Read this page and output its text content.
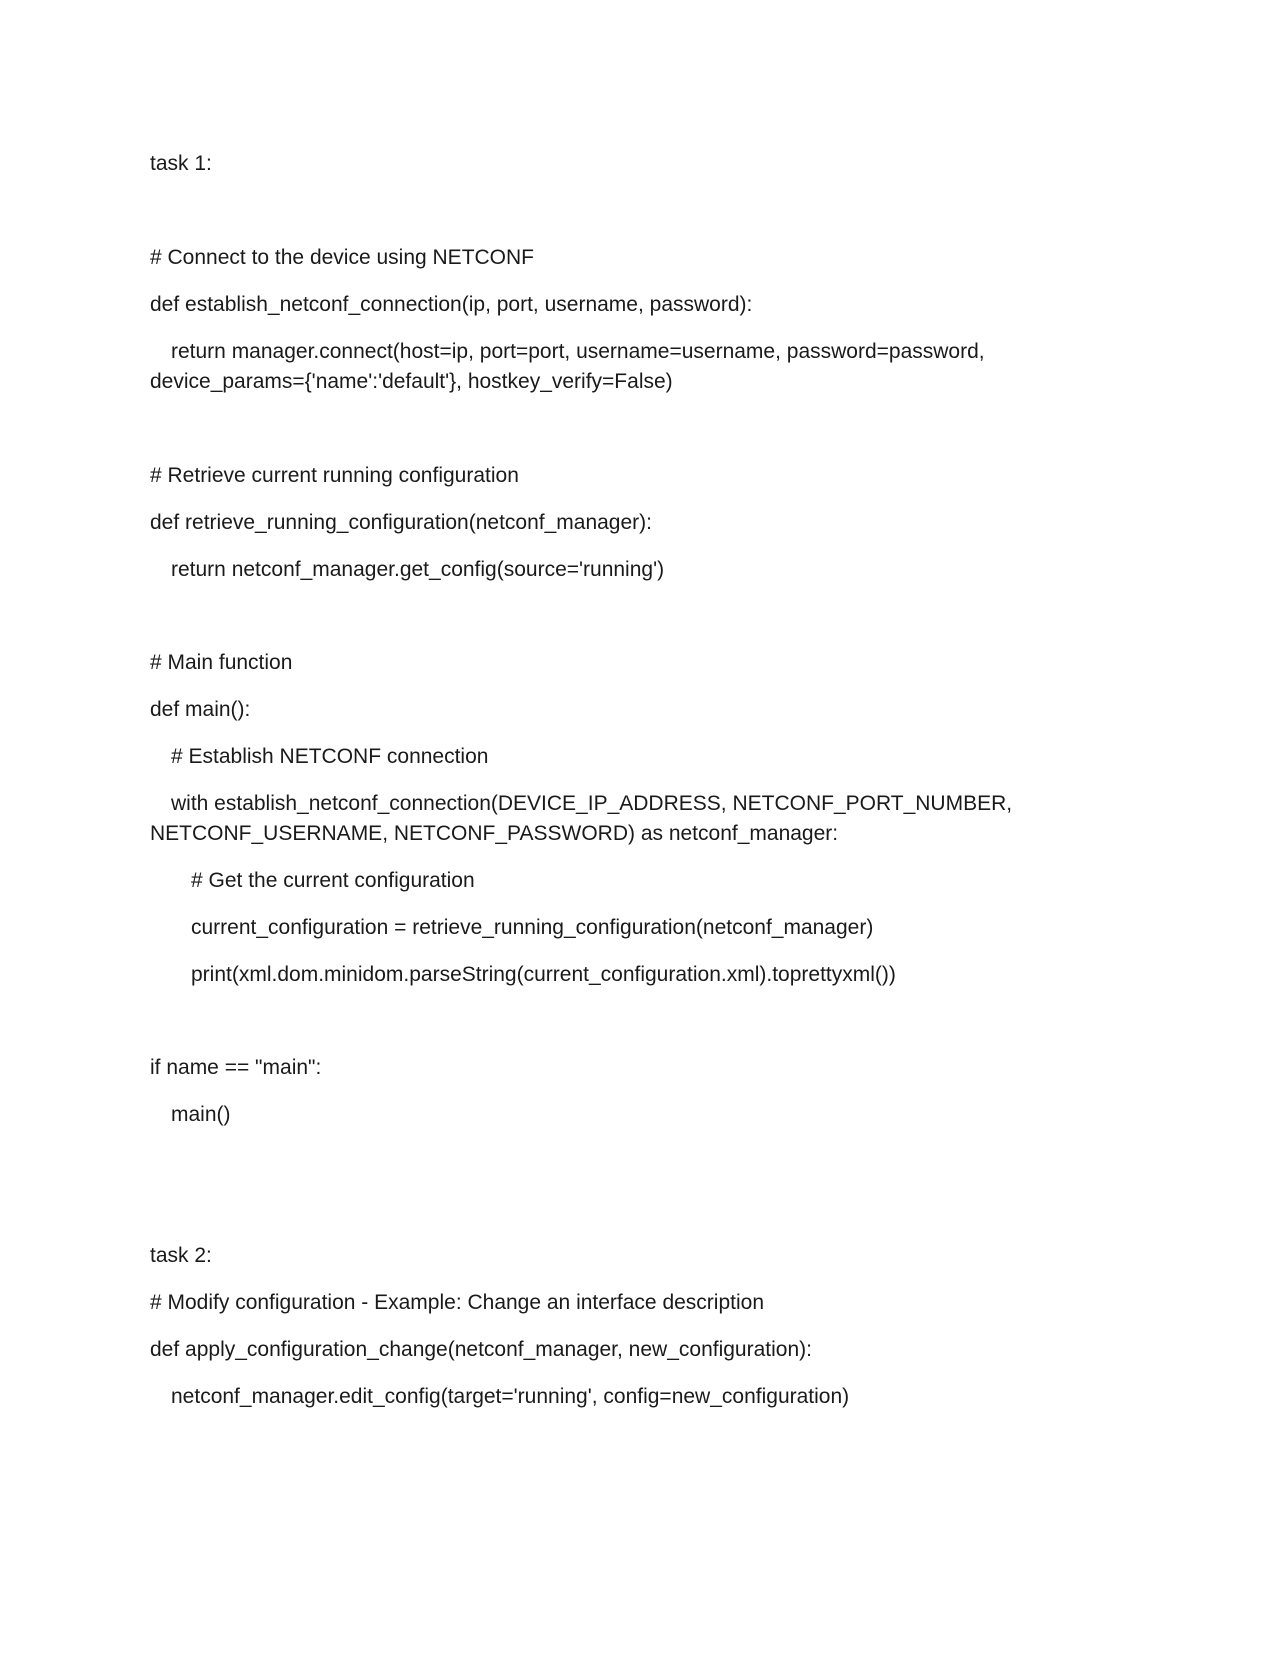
task 1:

# Connect to the device using NETCONF

def establish_netconf_connection(ip, port, username, password):

return manager.connect(host=ip, port=port, username=username, password=password,

device_params={'name':'default'}, hostkey_verify=False)

# Retrieve current running configuration

def retrieve_running_configuration(netconf_manager):

return netconf_manager.get_config(source='running')

# Main function

def main():

# Establish NETCONF connection

with establish_netconf_connection(DEVICE_IP_ADDRESS, NETCONF_PORT_NUMBER,

NETCONF_USERNAME, NETCONF_PASSWORD) as netconf_manager:

# Get the current configuration

current_configuration = retrieve_running_configuration(netconf_manager)

print(xml.dom.minidom.parseString(current_configuration.xml).toprettyxml())

if name == "main":

main()

task 2:

# Modify configuration - Example: Change an interface description

def apply_configuration_change(netconf_manager, new_configuration):

netconf_manager.edit_config(target='running', config=new_configuration)
